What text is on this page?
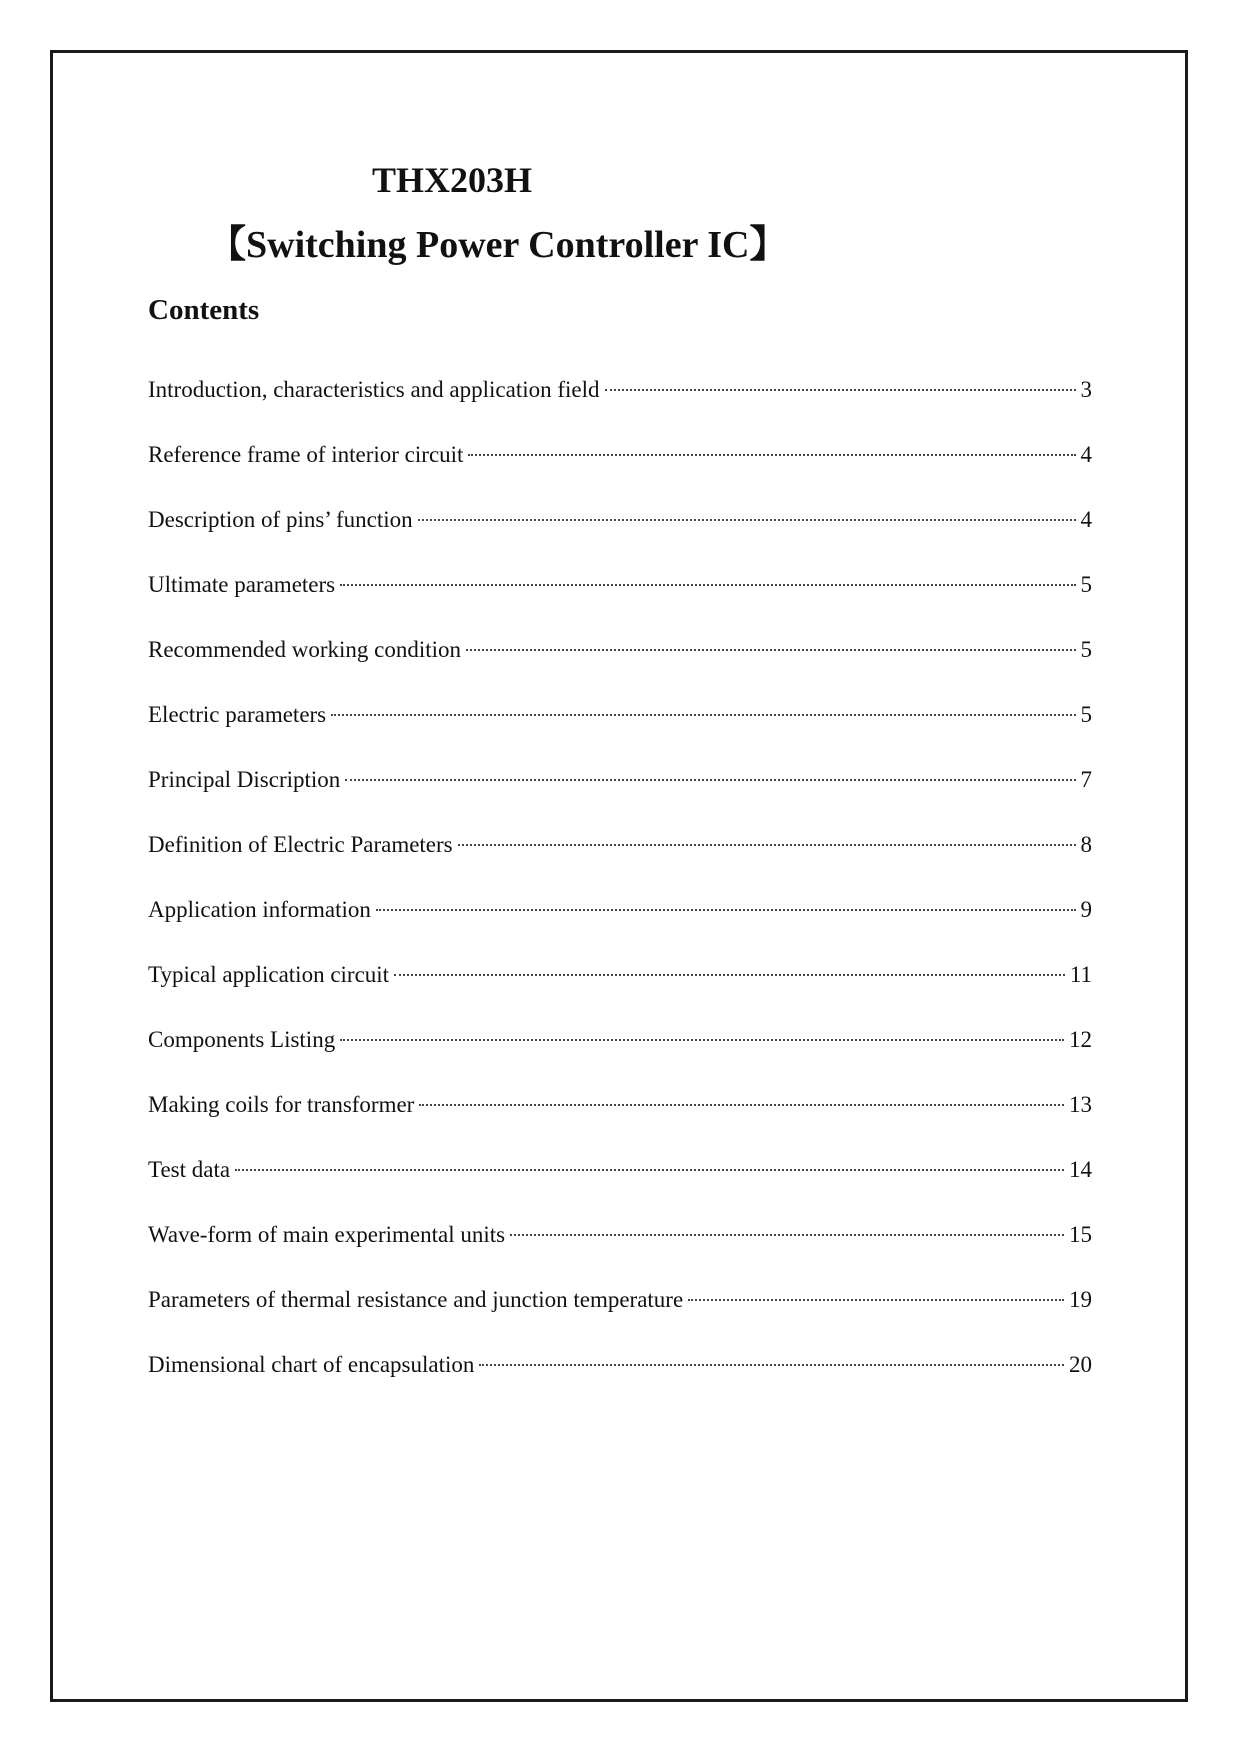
THX203H
【Switching Power Controller IC】
Contents
Introduction, characteristics and application field	3
Reference frame of interior circuit	4
Description of pins’ function	4
Ultimate parameters	5
Recommended working condition	5
Electric parameters	5
Principal Discription	7
Definition of Electric Parameters	8
Application information	9
Typical application circuit	11
Components Listing	12
Making coils for transformer	13
Test data	14
Wave-form of main experimental units	15
Parameters of thermal resistance and junction temperature	19
Dimensional chart of encapsulation	20
